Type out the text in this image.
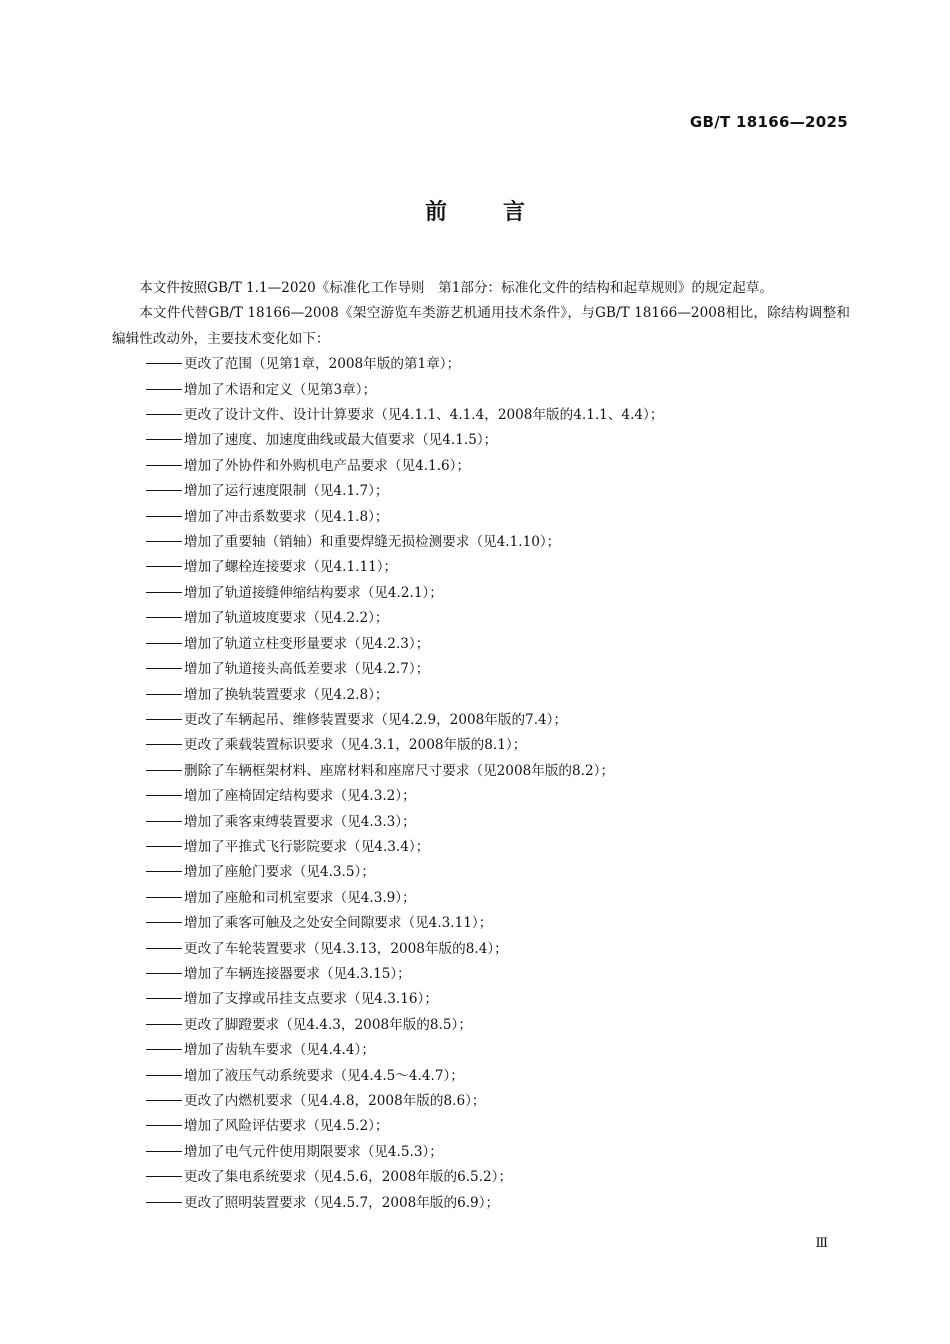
GB/T 18166—2025
前言

本文件按照GB/T 1.1—2020《标准化工作导则　第1部分：标准化文件的结构和起草规则》的规定起草。

本文件代替GB/T 18166—2008《架空游览车类游艺机通用技术条件》，与GB/T 18166—2008相比，除结构调整和编辑性改动外，主要技术变化如下：

更改了范围（见第1章，2008年版的第1章）；
增加了术语和定义（见第3章）；
更改了设计文件、设计计算要求（见4.1.1、4.1.4，2008年版的4.1.1、4.4）；
增加了速度、加速度曲线或最大值要求（见4.1.5）；
增加了外协件和外购机电产品要求（见4.1.6）；
增加了运行速度限制（见4.1.7）；
增加了冲击系数要求（见4.1.8）；
增加了重要轴（销轴）和重要焊缝无损检测要求（见4.1.10）；
增加了螺栓连接要求（见4.1.11）；
增加了轨道接缝伸缩结构要求（见4.2.1）；
增加了轨道坡度要求（见4.2.2）；
增加了轨道立柱变形量要求（见4.2.3）；
增加了轨道接头高低差要求（见4.2.7）；
增加了换轨装置要求（见4.2.8）；
更改了车辆起吊、维修装置要求（见4.2.9，2008年版的7.4）；
更改了乘载装置标识要求（见4.3.1，2008年版的8.1）；
删除了车辆框架材料、座席材料和座席尺寸要求（见2008年版的8.2）；
增加了座椅固定结构要求（见4.3.2）；
增加了乘客束缚装置要求（见4.3.3）；
增加了平推式飞行影院要求（见4.3.4）；
增加了座舱门要求（见4.3.5）；
增加了座舱和司机室要求（见4.3.9）；
增加了乘客可触及之处安全间隙要求（见4.3.11）；
更改了车轮装置要求（见4.3.13，2008年版的8.4）；
增加了车辆连接器要求（见4.3.15）；
增加了支撑或吊挂支点要求（见4.3.16）；
更改了脚蹬要求（见4.4.3，2008年版的8.5）；
增加了齿轨车要求（见4.4.4）；
增加了液压气动系统要求（见4.4.5～4.4.7）；
更改了内燃机要求（见4.4.8，2008年版的8.6）；
增加了风险评估要求（见4.5.2）；
增加了电气元件使用期限要求（见4.5.3）；
更改了集电系统要求（见4.5.6，2008年版的6.5.2）；
更改了照明装置要求（见4.5.7，2008年版的6.9）；
Ⅲ
